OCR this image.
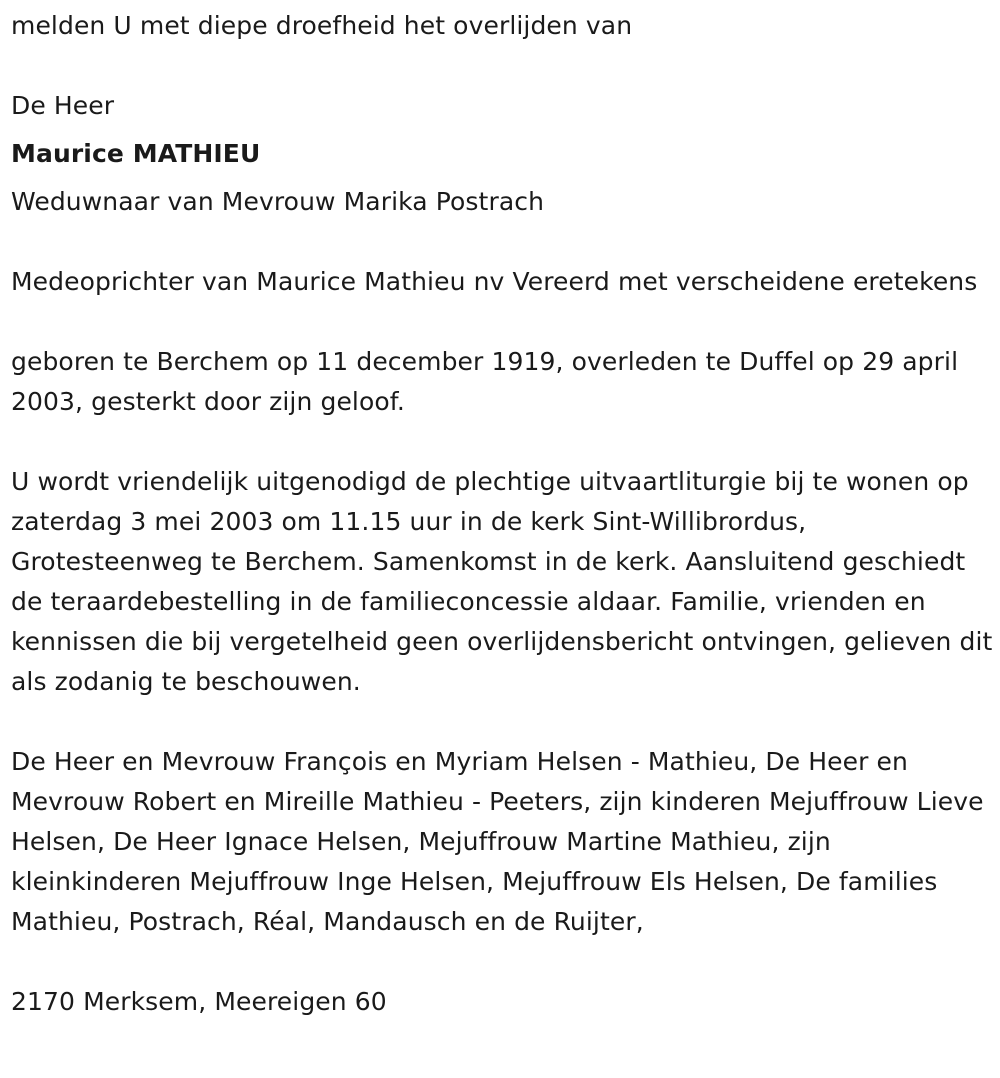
melden U met diepe droefheid het overlijden van

De Heer

Maurice MATHIEU

Weduwnaar van Mevrouw Marika Postrach

Medeoprichter van Maurice Mathieu nv Vereerd met verscheidene eretekens

geboren te Berchem op 11 december 1919, overleden te Duffel op 29 april 2003, gesterkt door zijn geloof.

U wordt vriendelijk uitgenodigd de plechtige uitvaartliturgie bij te wonen op zaterdag 3 mei 2003 om 11.15 uur in de kerk Sint-Willibrordus, Grotesteenweg te Berchem. Samenkomst in de kerk. Aansluitend geschiedt de teraardebestelling in de familieconcessie aldaar. Familie, vrienden en kennissen die bij vergetelheid geen overlijdensbericht ontvingen, gelieven dit als zodanig te beschouwen.

De Heer en Mevrouw François en Myriam Helsen - Mathieu, De Heer en Mevrouw Robert en Mireille Mathieu - Peeters, zijn kinderen Mejuffrouw Lieve Helsen, De Heer Ignace Helsen, Mejuffrouw Martine Mathieu, zijn kleinkinderen Mejuffrouw Inge Helsen, Mejuffrouw Els Helsen, De families Mathieu, Postrach, Réal, Mandausch en de Ruijter,

2170 Merksem, Meereigen 60
